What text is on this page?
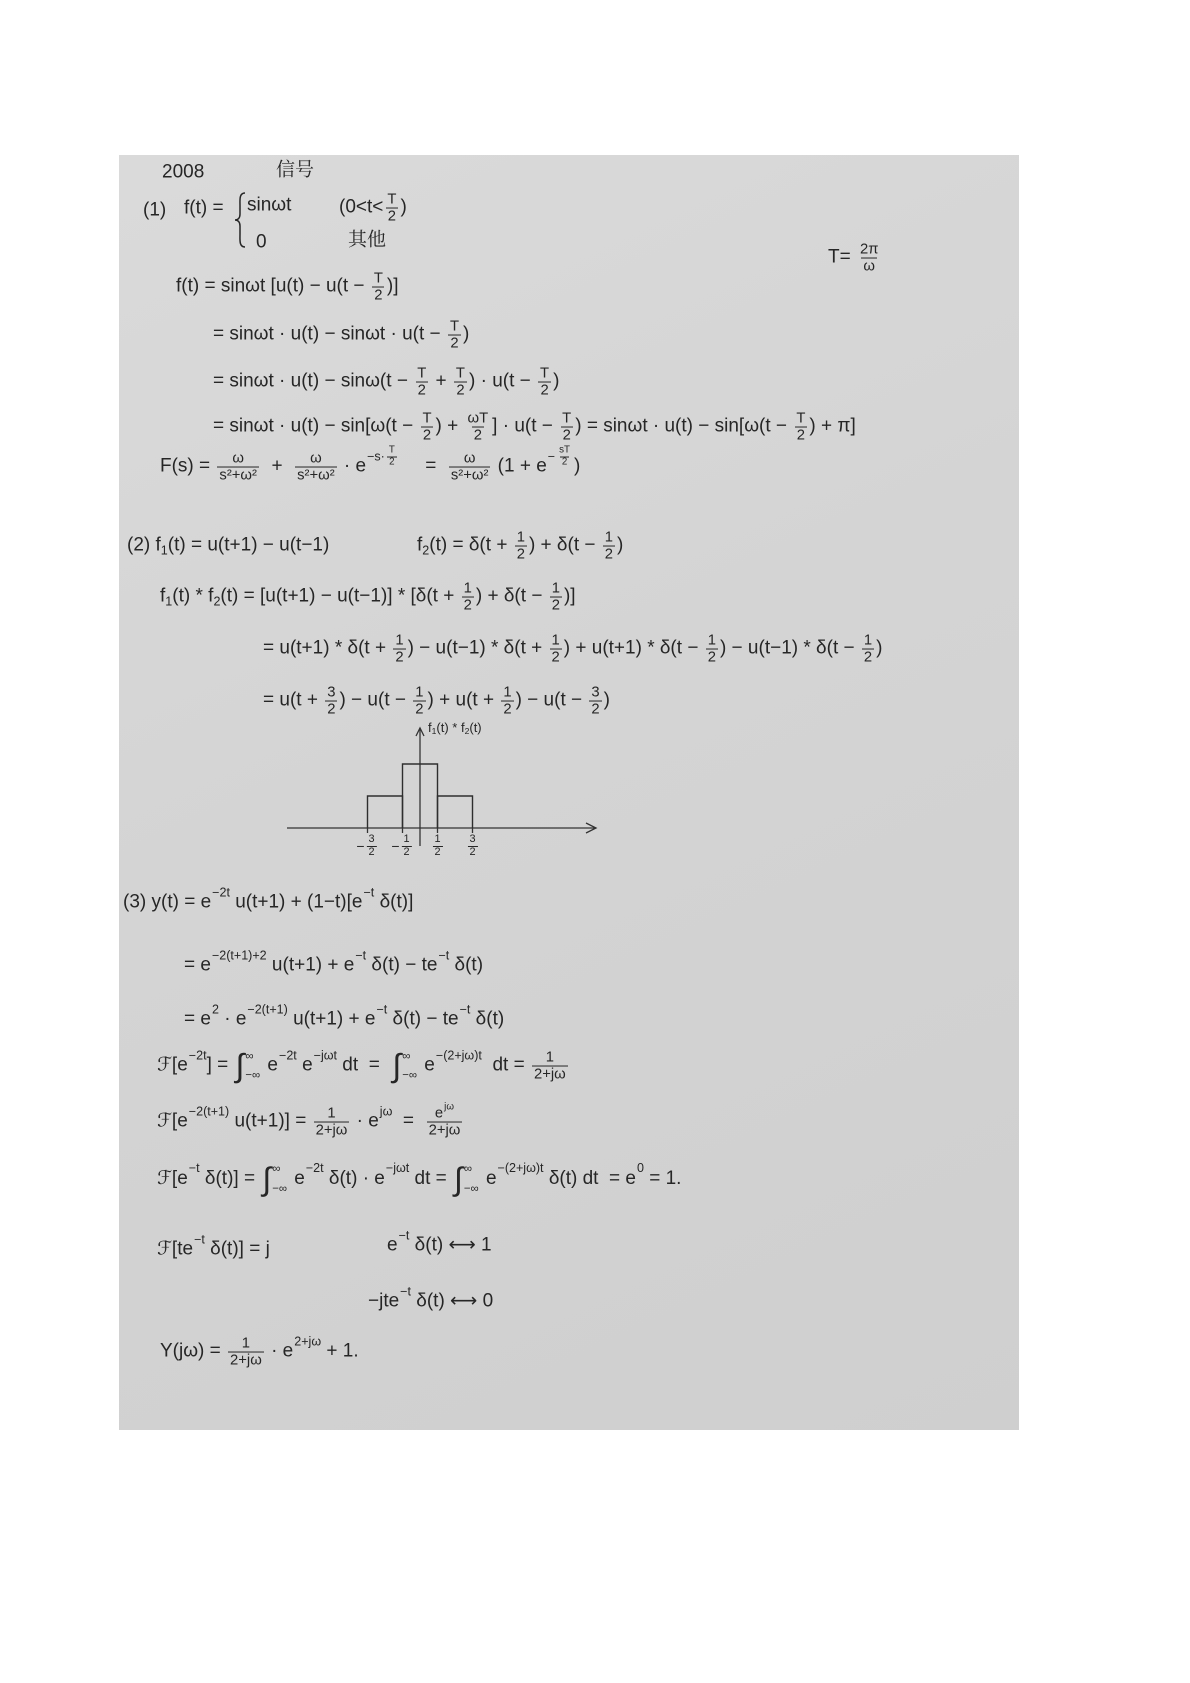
2008	信号
(1) f(t) = sinωt	($0<t< \frac{T}{2}$ )
0	其他
$T= \frac{2\pi}{\omega}$
f(t) = sinωt [$u(t) - u(t - \frac{T}{2}$ )]
= $\sin\omega t \cdot u(t) - \sin\omega t \cdot u(t - \frac{T}{2}$ )
= $\sin\omega t \cdot u(t) - \sin\omega(t - \frac{T}{2} + \frac{T}{2}$ ) · $u(t - \frac{T}{2}$ )
= $\sin\omega t \cdot u(t) - \sin[\omega(t - \frac{T}{2}$ ) + $\frac{\omega T}{2}$ ] · $u(t - \frac{T}{2}$ ) = $\sin\omega t \cdot u(t) - \sin[\omega(t - \frac{T}{2}$ ) + π]
$F(s) = \frac{\omega}{\text{s²+ω²}} + \frac{\omega}{\text{s²+ω²}} \cdot e -s\cdot \frac{T}{2} = \frac{\omega}{\text{s²+ω²}} (1 + e - \frac{sT}{2}$ )
(2) f 1 (t) = u(t+1) − u(t−1)	f 2 $(t) = \delta(t + \frac{1}{2}$ ) + $\delta(t - \frac{1}{2}$ )
f 1 (t) * f 2 $(t) = [u(t+1) - u(t-1)] * [\delta(t + \frac{1}{2}$ ) + $\delta(t - \frac{1}{2}$ )]
= $u(t+1) * \delta(t + \frac{1}{2}$ ) − $u(t-1) * \delta(t + \frac{1}{2}$ ) + $u(t+1) * \delta(t - \frac{1}{2}$ ) − $u(t-1) * \delta(t - \frac{1}{2}$ )
= $u(t + \frac{3}{2}$ ) − $u(t - \frac{1}{2}$ ) + $u(t + \frac{1}{2}$ ) − $u(t - \frac{3}{2}$ )
f 1 (t) * f 2 (t)
− $\frac{3}{2} - \frac{1}{2} \frac{1}{2} \frac{3}{2}$
(3) y(t) = e −2t u(t+1) + (1−t)[e −t δ(t)]
= e −2(t+1)+2 u(t+1) + e −t δ(t) − te −t δ(t)
= e 2 · e −2(t+1) u(t+1) + e −t δ(t) − te −t δ(t)
ℱ[e −2t ] = ∫ ∞
−∞ e −2t e −jωt dt  = ∫ ∞
−∞ e −(2+jω)t dt = $\frac{1}{2+j\omega}$
ℱ[e −2(t+1) $u(t+1)] = \frac{1}{2+j\omega} \cdot e$ $j\omega = \frac{\text{e jω}}{2+j\omega}$
ℱ[e −t δ(t)] = ∫ ∞
−∞ e −2t δ(t) · e −jωt dt = ∫ ∞
−∞ e −(2+jω)t δ(t) dt  = e 0 = 1.
ℱ[te −t δ(t)] = j	e −t δ(t) ⟷ 1
−jte −t δ(t) ⟷ 0
$Y(j\omega) = \frac{1}{2+j\omega} \cdot e$ 2+jω + 1.
